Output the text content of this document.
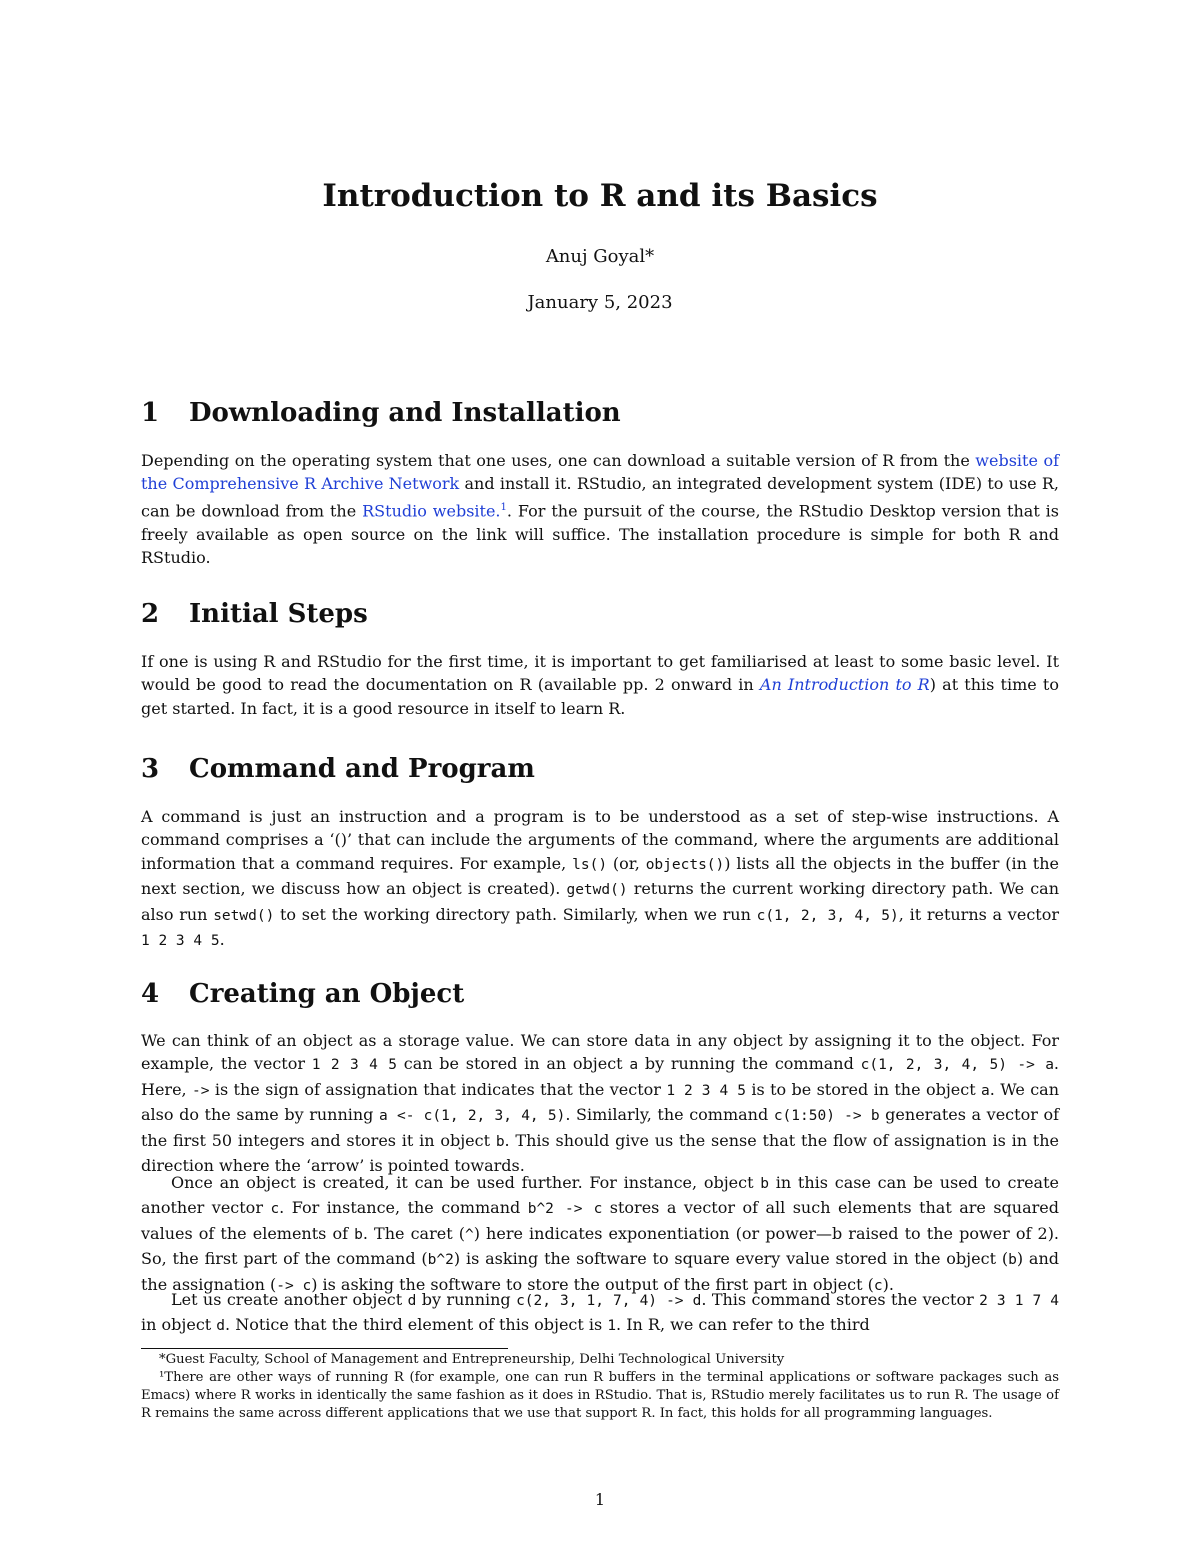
Introduction to R and its Basics
Anuj Goyal*
January 5, 2023
1 Downloading and Installation

Depending on the operating system that one uses, one can download a suitable version of R from the website of the Comprehensive R Archive Network and install it. RStudio, an integrated development system (IDE) to use R, can be download from the RStudio website.$^1$. For the pursuit of the course, the RStudio Desktop version that is freely available as open source on the link will suffice. The installation procedure is simple for both R and RStudio.

2 Initial Steps

If one is using R and RStudio for the first time, it is important to get familiarised at least to some basic level. It would be good to read the documentation on R (available pp. 2 onward in An Introduction to R) at this time to get started. In fact, it is a good resource in itself to learn R.

3 Command and Program

A command is just an instruction and a program is to be understood as a set of step-wise instructions. A command comprises a ‘()’ that can include the arguments of the command, where the arguments are additional information that a command requires. For example, ls() (or, objects()) lists all the objects in the buffer (in the next section, we discuss how an object is created). getwd() returns the current working directory path. We can also run setwd() to set the working directory path. Similarly, when we run c(1, 2, 3, 4, 5), it returns a vector 1 2 3 4 5.

4 Creating an Object

We can think of an object as a storage value. We can store data in any object by assigning it to the object. For example, the vector 1 2 3 4 5 can be stored in an object a by running the command c(1, 2, 3, 4, 5) -> a. Here, -> is the sign of assignation that indicates that the vector 1 2 3 4 5 is to be stored in the object a. We can also do the same by running a <- c(1, 2, 3, 4, 5). Similarly, the command c(1:50) -> b generates a vector of the first 50 integers and stores it in object b. This should give us the sense that the flow of assignation is in the direction where the ‘arrow’ is pointed towards.

Once an object is created, it can be used further. For instance, object b in this case can be used to create another vector c. For instance, the command b^2 -> c stores a vector of all such elements that are squared values of the elements of b. The caret (^) here indicates exponentiation (or power—b raised to the power of 2). So, the first part of the command (b^2) is asking the software to square every value stored in the object (b) and the assignation (-> c) is asking the software to store the output of the first part in object (c).

Let us create another object d by running c(2, 3, 1, 7, 4) -> d. This command stores the vector 2 3 1 7 4 in object d. Notice that the third element of this object is 1. In R, we can refer to the third

*Guest Faculty, School of Management and Entrepreneurship, Delhi Technological University

¹There are other ways of running R (for example, one can run R buffers in the terminal applications or software packages such as Emacs) where R works in identically the same fashion as it does in RStudio. That is, RStudio merely facilitates us to run R. The usage of R remains the same across different applications that we use that support R. In fact, this holds for all programming languages.

1
